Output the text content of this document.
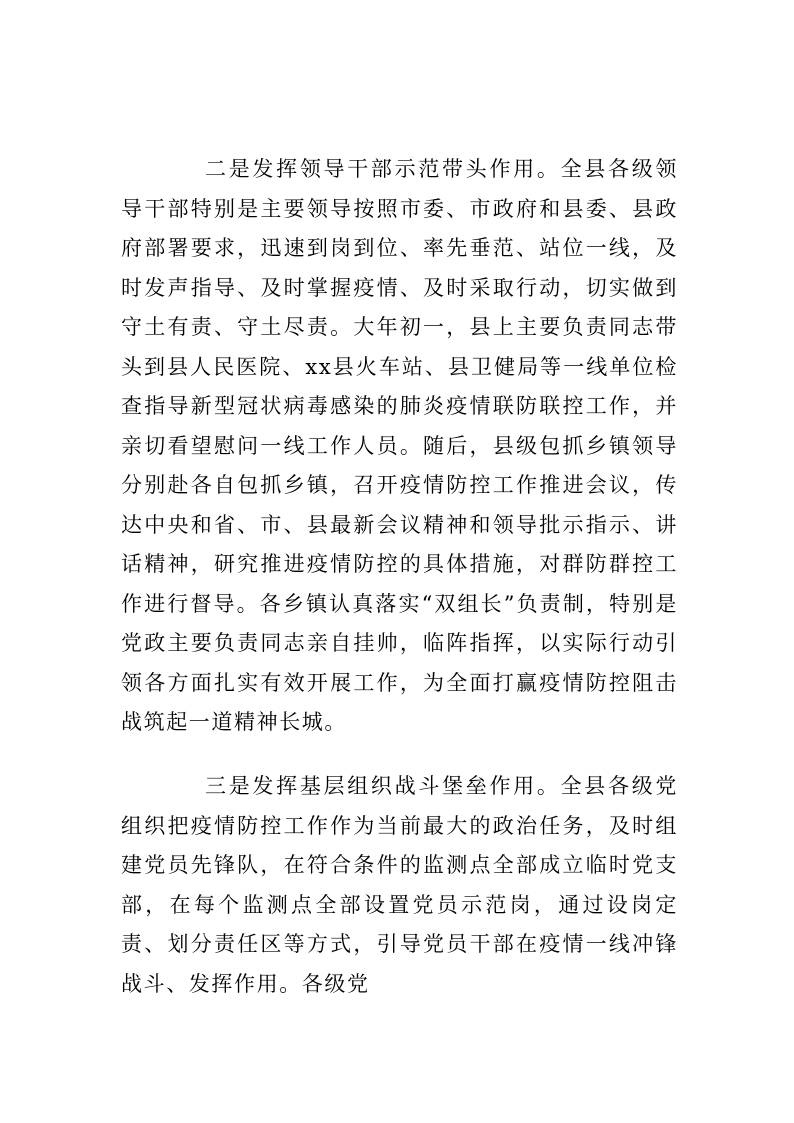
二是发挥领导干部示范带头作用。全县各级领导干部特别是主要领导按照市委、市政府和县委、县政府部署要求，迅速到岗到位、率先垂范、站位一线，及时发声指导、及时掌握疫情、及时采取行动，切实做到守土有责、守土尽责。大年初一，县上主要负责同志带头到县人民医院、xx县火车站、县卫健局等一线单位检查指导新型冠状病毒感染的肺炎疫情联防联控工作，并亲切看望慰问一线工作人员。随后，县级包抓乡镇领导分别赴各自包抓乡镇，召开疫情防控工作推进会议，传达中央和省、市、县最新会议精神和领导批示指示、讲话精神，研究推进疫情防控的具体措施，对群防群控工作进行督导。各乡镇认真落实“双组长”负责制，特别是党政主要负责同志亲自挂帅，临阵指挥，以实际行动引领各方面扎实有效开展工作，为全面打赢疫情防控阻击战筑起一道精神长城。

三是发挥基层组织战斗堡垒作用。全县各级党组织把疫情防控工作作为当前最大的政治任务，及时组建党员先锋队，在符合条件的监测点全部成立临时党支部，在每个监测点全部设置党员示范岗，通过设岗定责、划分责任区等方式，引导党员干部在疫情一线冲锋战斗、发挥作用。各级党
